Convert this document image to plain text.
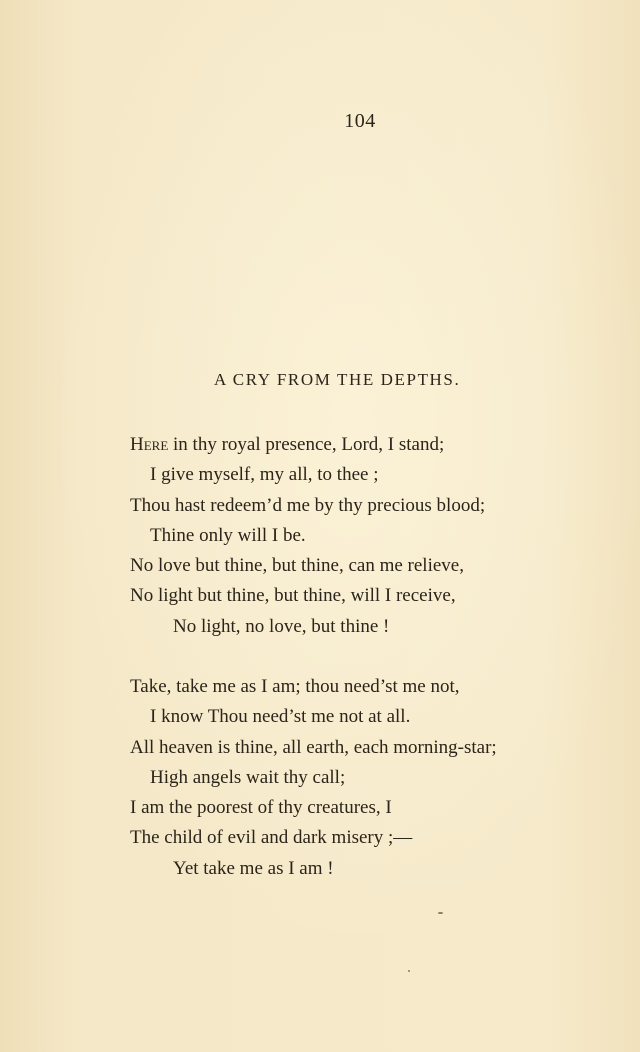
104
A CRY FROM THE DEPTHS.
Here in thy royal presence, Lord, I stand;
I give myself, my all, to thee ;
Thou hast redeem’d me by thy precious blood;
Thine only will I be.
No love but thine, but thine, can me relieve,
No light but thine, but thine, will I receive,
No light, no love, but thine !
Take, take me as I am; thou need’st me not,
I know Thou need’st me not at all.
All heaven is thine, all earth, each morning-star;
High angels wait thy call;
I am the poorest of thy creatures, I
The child of evil and dark misery ;—
Yet take me as I am !
